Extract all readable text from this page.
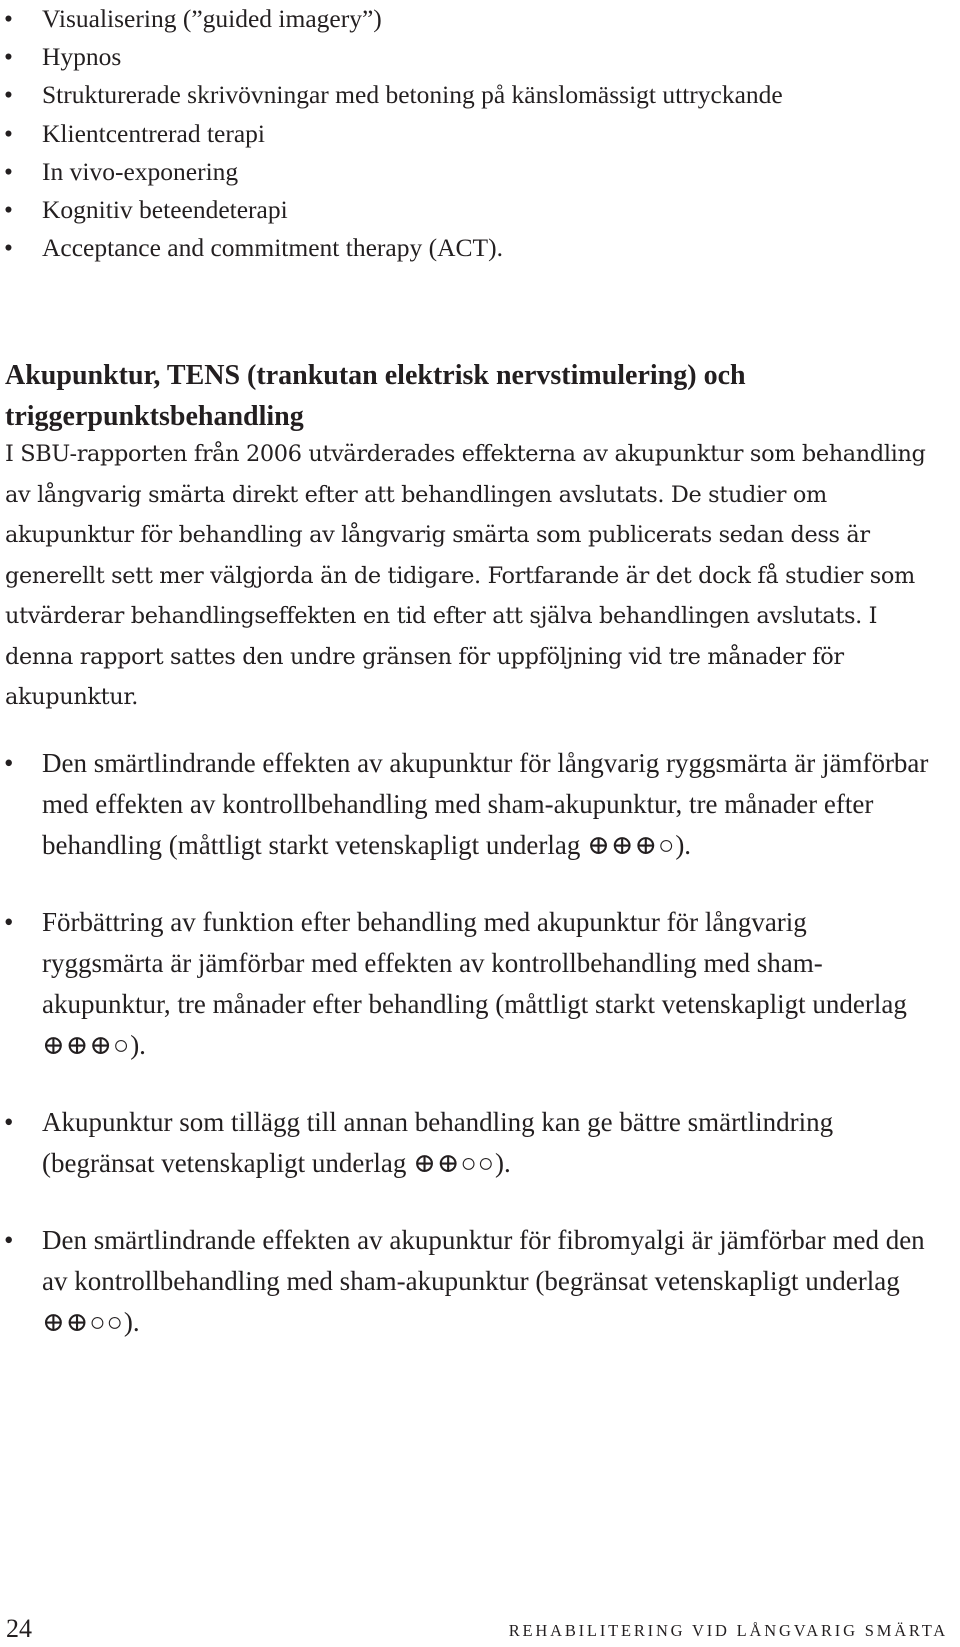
• Visualisering (”guided imagery”)
• Hypnos
• Strukturerade skrivövningar med betoning på känslomässigt uttryckande
• Klientcentrerad terapi
• In vivo-exponering
• Kognitiv beteendeterapi
• Acceptance and commitment therapy (ACT).
Akupunktur, TENS (trankutan elektrisk nervstimulering) och triggerpunktsbehandling

I SBU-rapporten från 2006 utvärderades effekterna av akupunktur som behandling av långvarig smärta direkt efter att behandlingen avslutats. De studier om akupunktur för behandling av långvarig smärta som publicerats sedan dess är generellt sett mer välgjorda än de tidigare. Fortfarande är det dock få studier som utvärderar behandlingseffekten en tid efter att själva behandlingen avslutats. I denna rapport sattes den undre gränsen för uppföljning vid tre månader för akupunktur.

• Den smärtlindrande effekten av akupunktur för långvarig ryggsmärta är jämförbar med effekten av kontrollbehandling med sham-akupunktur, tre månader efter behandling (måttligt starkt vetenskapligt underlag ⊕⊕⊕○).
• Förbättring av funktion efter behandling med akupunktur för långvarig ryggsmärta är jämförbar med effekten av kontrollbehandling med sham-akupunktur, tre månader efter behandling (måttligt starkt vetenskapligt underlag ⊕⊕⊕○).
• Akupunktur som tillägg till annan behandling kan ge bättre smärtlindring (begränsat vetenskapligt underlag ⊕⊕○○).
• Den smärtlindrande effekten av akupunktur för fibromyalgi är jämförbar med den av kontrollbehandling med sham-akupunktur (begränsat vetenskapligt underlag ⊕⊕○○).
24	REHABILITERING VID LÅNGVARIG SMÄRTA
